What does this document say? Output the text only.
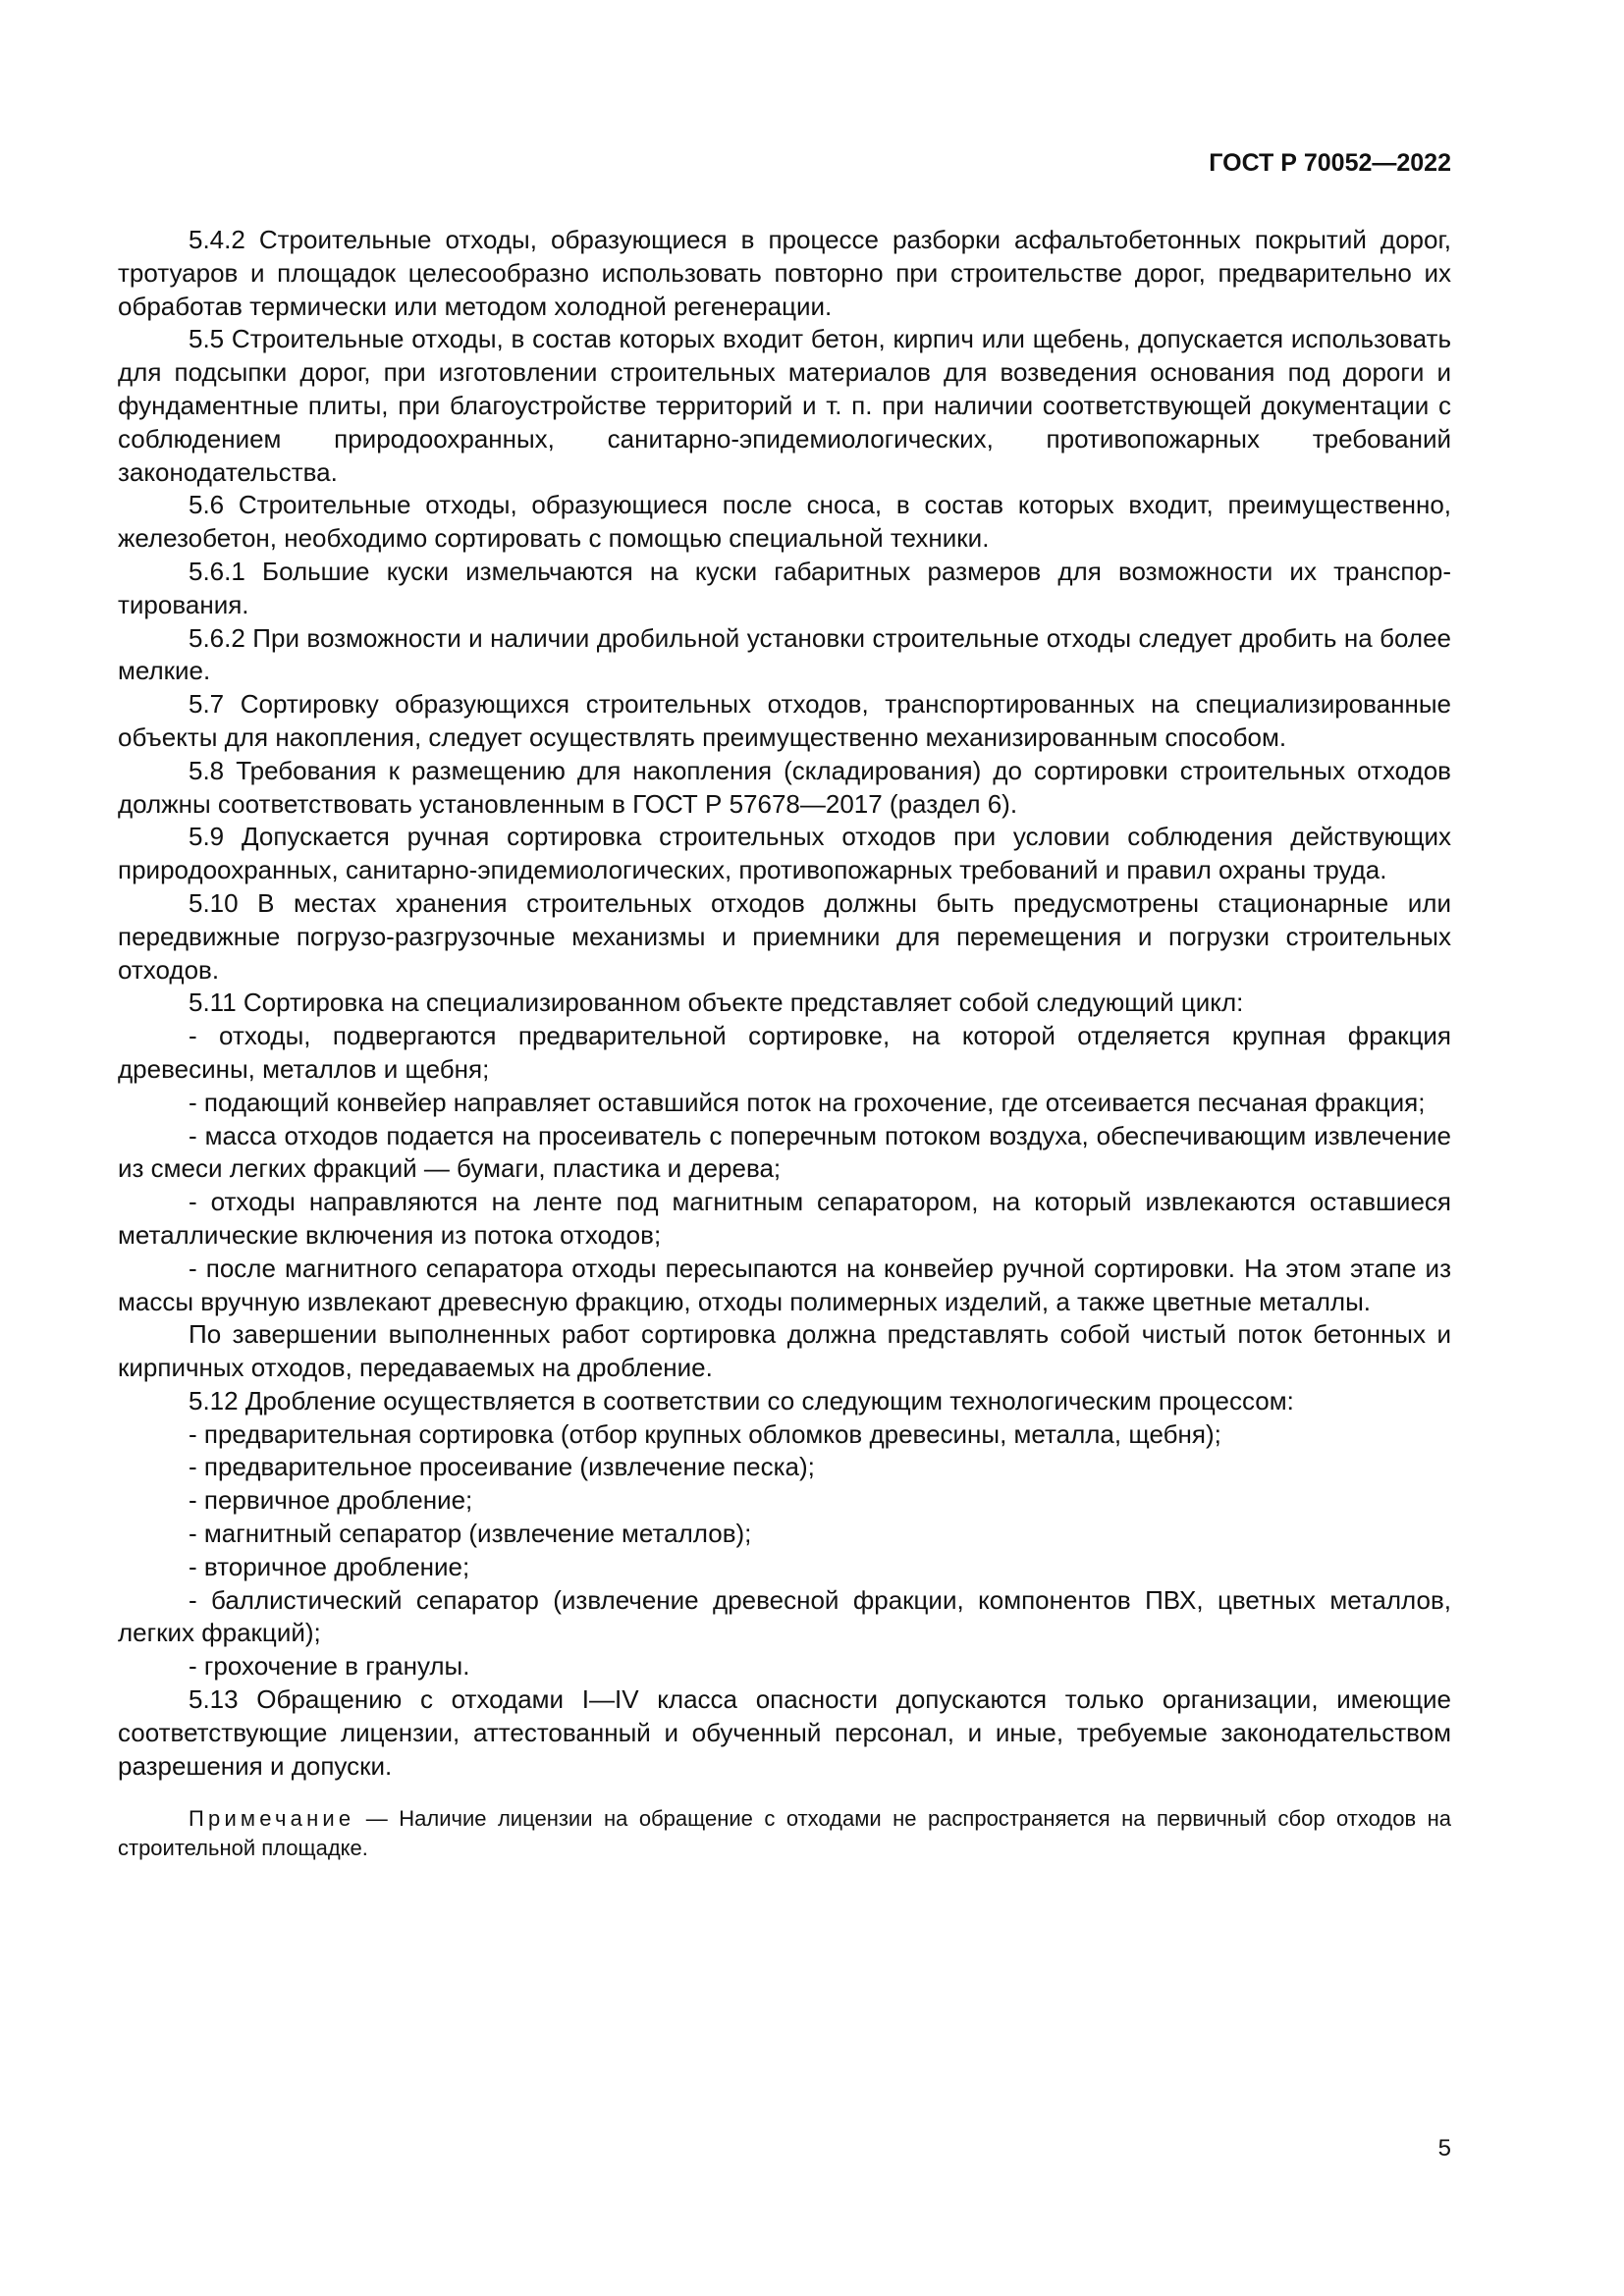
ГОСТ Р 70052—2022

5.4.2 Строительные отходы, образующиеся в процессе разборки асфальтобетонных покрытий дорог, тротуаров и площадок целесообразно использовать повторно при строительстве дорог, предварительно их обработав термически или методом холодной регенерации.

5.5 Строительные отходы, в состав которых входит бетон, кирпич или щебень, допускается использовать для подсыпки дорог, при изготовлении строительных материалов для возведения основания под дороги и фундаментные плиты, при благоустройстве территорий и т. п. при наличии соответствующей документации с соблюдением природоохранных, санитарно-эпидемиологических, противопожарных требований законодательства.

5.6 Строительные отходы, образующиеся после сноса, в состав которых входит, преимущественно, железобетон, необходимо сортировать с помощью специальной техники.

5.6.1 Большие куски измельчаются на куски габаритных размеров для возможности их транспортирования.

5.6.2 При возможности и наличии дробильной установки строительные отходы следует дробить на более мелкие.

5.7 Сортировку образующихся строительных отходов, транспортированных на специализированные объекты для накопления, следует осуществлять преимущественно механизированным способом.

5.8 Требования к размещению для накопления (складирования) до сортировки строительных отходов должны соответствовать установленным в ГОСТ Р 57678—2017 (раздел 6).

5.9 Допускается ручная сортировка строительных отходов при условии соблюдения действующих природоохранных, санитарно-эпидемиологических, противопожарных требований и правил охраны труда.

5.10 В местах хранения строительных отходов должны быть предусмотрены стационарные или передвижные погрузо-разгрузочные механизмы и приемники для перемещения и погрузки строительных отходов.

5.11 Сортировка на специализированном объекте представляет собой следующий цикл:

- отходы, подвергаются предварительной сортировке, на которой отделяется крупная фракция древесины, металлов и щебня;

- подающий конвейер направляет оставшийся поток на грохочение, где отсеивается песчаная фракция;

- масса отходов подается на просеиватель с поперечным потоком воздуха, обеспечивающим извлечение из смеси легких фракций — бумаги, пластика и дерева;

- отходы направляются на ленте под магнитным сепаратором, на который извлекаются оставшиеся металлические включения из потока отходов;

- после магнитного сепаратора отходы пересыпаются на конвейер ручной сортировки. На этом этапе из массы вручную извлекают древесную фракцию, отходы полимерных изделий, а также цветные металлы.

По завершении выполненных работ сортировка должна представлять собой чистый поток бетонных и кирпичных отходов, передаваемых на дробление.

5.12 Дробление осуществляется в соответствии со следующим технологическим процессом:

- предварительная сортировка (отбор крупных обломков древесины, металла, щебня);

- предварительное просеивание (извлечение песка);

- первичное дробление;

- магнитный сепаратор (извлечение металлов);

- вторичное дробление;

- баллистический сепаратор (извлечение древесной фракции, компонентов ПВХ, цветных металлов, легких фракций);

- грохочение в гранулы.

5.13 Обращению с отходами I—IV класса опасности допускаются только организации, имеющие соответствующие лицензии, аттестованный и обученный персонал, и иные, требуемые законодательством разрешения и допуски.

Примечание — Наличие лицензии на обращение с отходами не распространяется на первичный сбор отходов на строительной площадке.

5
